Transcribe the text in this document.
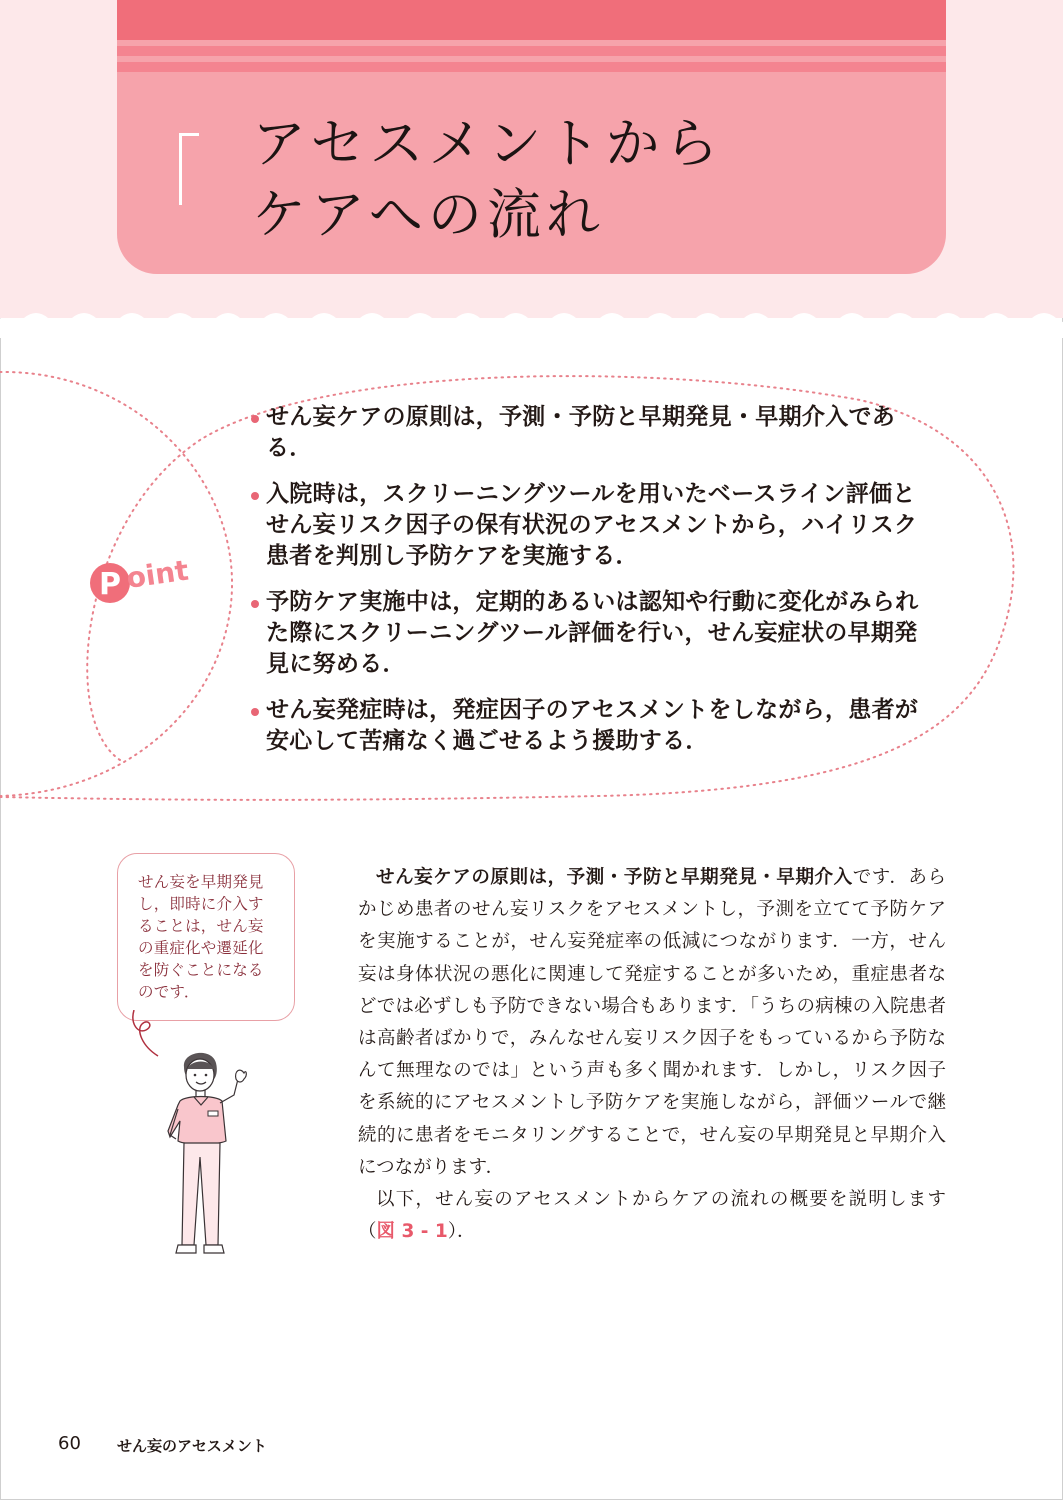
アセスメントから
ケアへの流れ
P oint
せん妄ケアの原則は，予測・予防と早期発見・早期介入である．
入院時は，スクリーニングツールを用いたベースライン評価とせん妄リスク因子の保有状況のアセスメントから，ハイリスク患者を判別し予防ケアを実施する．
予防ケア実施中は，定期的あるいは認知や行動に変化がみられた際にスクリーニングツール評価を行い，せん妄症状の早期発見に努める．
せん妄発症時は，発症因子のアセスメントをしながら，患者が安心して苦痛なく過ごせるよう援助する．
せん妄を早期発見し，即時に介入することは，せん妄の重症化や遷延化を防ぐことになるのです．

せん妄ケアの原則は，予測・予防と早期発見・早期介入です．あらかじめ患者のせん妄リスクをアセスメントし，予測を立てて予防ケアを実施することが，せん妄発症率の低減につながります．一方，せん妄は身体状況の悪化に関連して発症することが多いため，重症患者などでは必ずしも予防できない場合もあります．「うちの病棟の入院患者は高齢者ばかりで，みんなせん妄リスク因子をもっているから予防なんて無理なのでは」という声も多く聞かれます．しかし，リスク因子を系統的にアセスメントし予防ケアを実施しながら，評価ツールで継続的に患者をモニタリングすることで，せん妄の早期発見と早期介入につながります．

以下，せん妄のアセスメントからケアの流れの概要を説明します（図 3 - 1）．

60 せん妄のアセスメント
